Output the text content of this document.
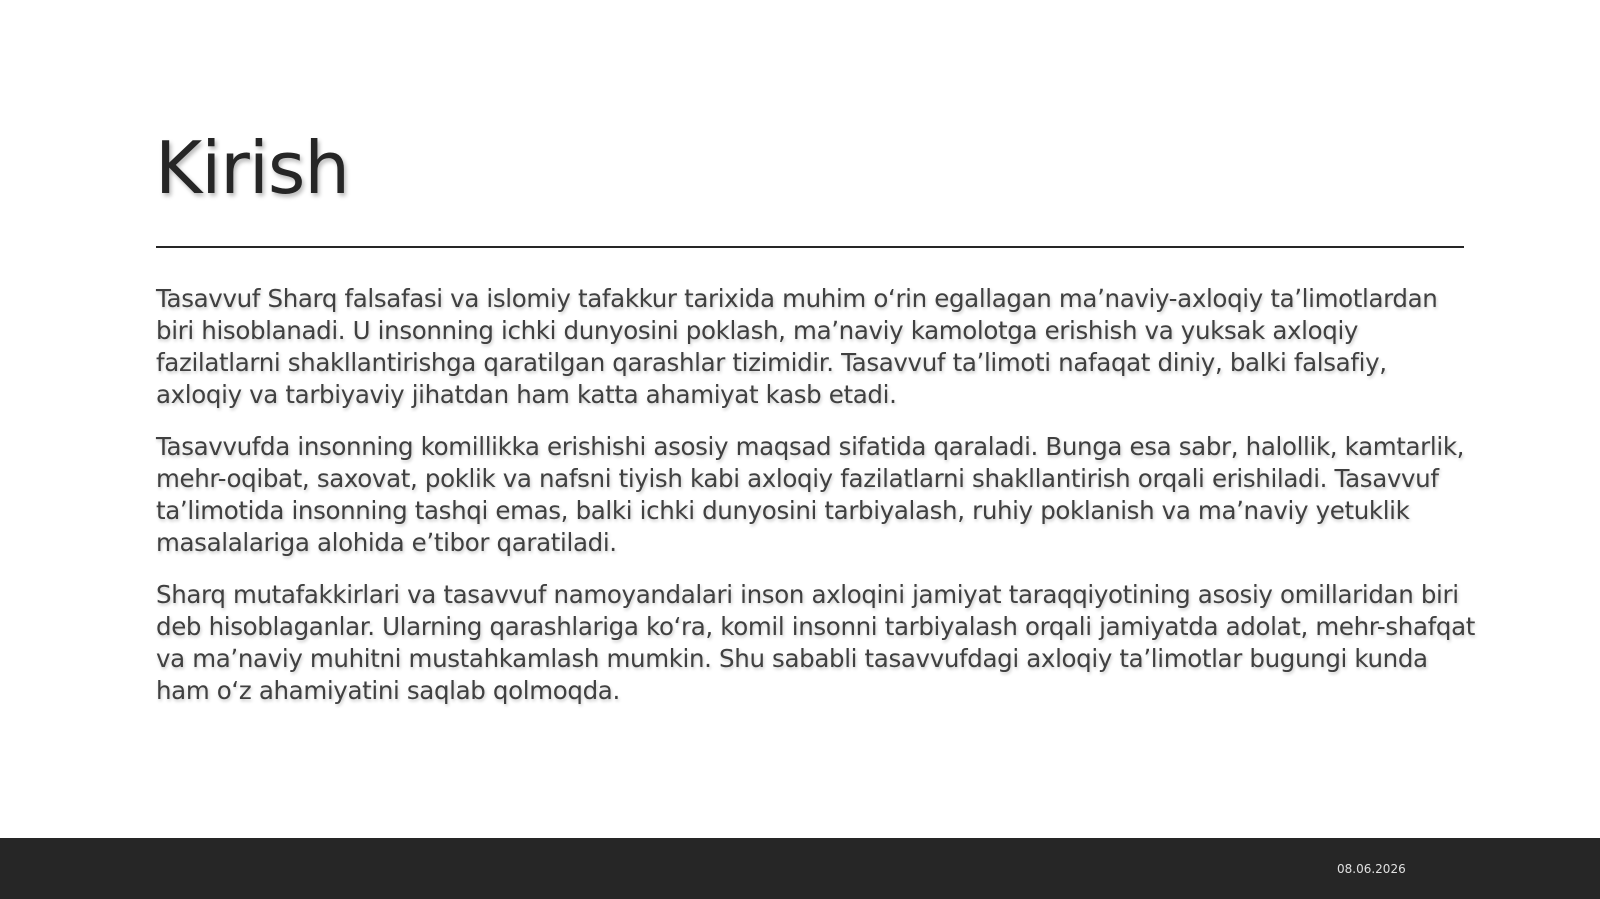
Kirish

Tasavvuf Sharq falsafasi va islomiy tafakkur tarixida muhim oʻrin egallagan maʼnaviy-axloqiy taʼlimotlardan biri hisoblanadi. U insonning ichki dunyosini poklash, maʼnaviy kamolotga erishish va yuksak axloqiy fazilatlarni shakllantirishga qaratilgan qarashlar tizimidir. Tasavvuf taʼlimoti nafaqat diniy, balki falsafiy, axloqiy va tarbiyaviy jihatdan ham katta ahamiyat kasb etadi.

Tasavvufda insonning komillikka erishishi asosiy maqsad sifatida qaraladi. Bunga esa sabr, halollik, kamtarlik, mehr-oqibat, saxovat, poklik va nafsni tiyish kabi axloqiy fazilatlarni shakllantirish orqali erishiladi. Tasavvuf taʼlimotida insonning tashqi emas, balki ichki dunyosini tarbiyalash, ruhiy poklanish va maʼnaviy yetuklik masalalariga alohida eʼtibor qaratiladi.

Sharq mutafakkirlari va tasavvuf namoyandalari inson axloqini jamiyat taraqqiyotining asosiy omillaridan biri deb hisoblaganlar. Ularning qarashlariga koʻra, komil insonni tarbiyalash orqali jamiyatda adolat, mehr-shafqat va maʼnaviy muhitni mustahkamlash mumkin. Shu sababli tasavvufdagi axloqiy taʼlimotlar bugungi kunda ham oʻz ahamiyatini saqlab qolmoqda.

08.06.2026
